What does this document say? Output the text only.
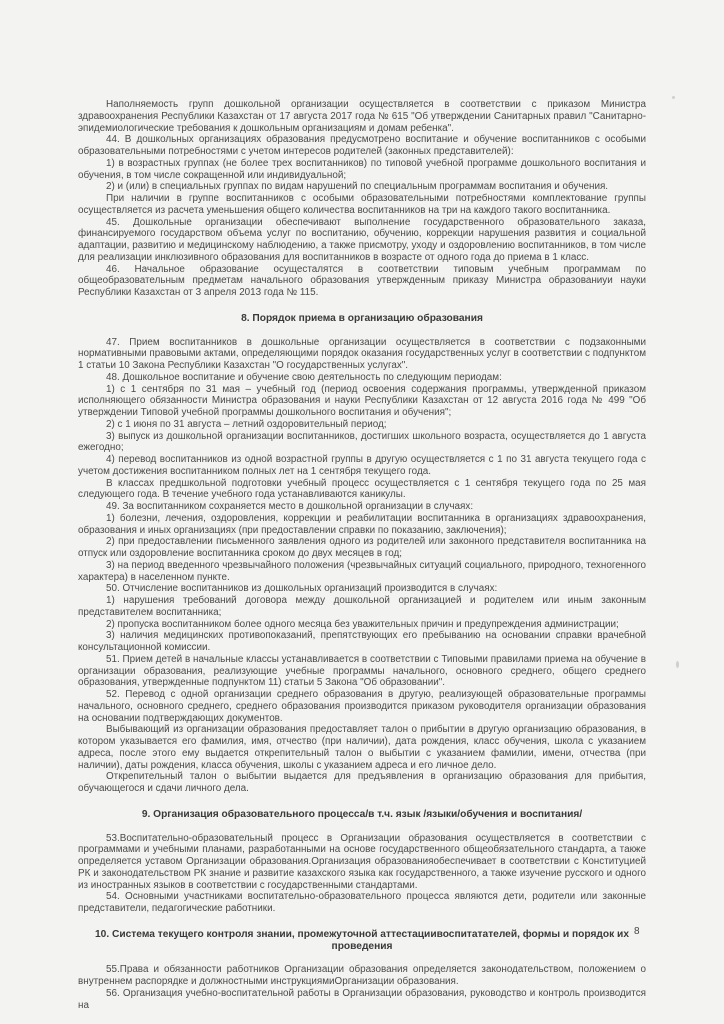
Наполняемость групп дошкольной организации осуществляется в соответствии с приказом Министра здравоохранения Республики Казахстан от 17 августа 2017 года № 615 "Об утверждении Санитарных правил "Санитарно-эпидемиологические требования к дошкольным организациям и домам ребенка".

44. В дошкольных организациях образования предусмотрено воспитание и обучение воспитанников с особыми образовательными потребностями с учетом интересов родителей (законных представителей):

1) в возрастных группах (не более трех воспитанников) по типовой учебной программе дошкольного воспитания и обучения, в том числе сокращенной или индивидуальной;

2) и (или) в специальных группах по видам нарушений по специальным программам воспитания и обучения.

При наличии в группе воспитанников с особыми образовательными потребностями комплектование группы осуществляется из расчета уменьшения общего количества воспитанников на три на каждого такого воспитанника.

45. Дошкольные организации обеспечивают выполнение государственного образовательного заказа, финансируемого государством объема услуг по воспитанию, обучению, коррекции нарушения развития и социальной адаптации, развитию и медицинскому наблюдению, а также присмотру, уходу и оздоровлению воспитанников, в том числе для реализации инклюзивного образования для воспитанников в возрасте от одного года до приема в 1 класс.

46. Начальное образование осущесталятся в соответствии типовым учебным программам по общеобразовательным предметам начального образования утвержденным приказу Министра образованиуи науки Республики Казахстан от 3 апреля 2013 года № 115.

8. Порядок приема в организацию образования

47. Прием воспитанников в дошкольные организации осуществляется в соответствии с подзаконными нормативными правовыми актами, определяющими порядок оказания государственных услуг в соответствии с подпунктом 1 статьи 10 Закона Республики Казахстан "О государственных услугах".

48. Дошкольное воспитание и обучение свою деятельность по следующим периодам:

1) с 1 сентября по 31 мая – учебный год (период освоения содержания программы, утвержденной приказом исполняющего обязанности Министра образования и науки Республики Казахстан от 12 августа 2016 года № 499 "Об утверждении Типовой учебной программы дошкольного воспитания и обучения";

2) с 1 июня по 31 августа – летний оздоровительный период;

3) выпуск из дошкольной организации воспитанников, достигших школьного возраста, осуществляется до 1 августа ежегодно;

4) перевод воспитанников из одной возрастной группы в другую осуществляется с 1 по 31 августа текущего года с учетом достижения воспитанником полных лет на 1 сентября текущего года.

В классах предшкольной подготовки учебный процесс осуществляется с 1 сентября текущего года по 25 мая следующего года. В течение учебного года устанавливаются каникулы.

49. За воспитанником сохраняется место в дошкольной организации в случаях:

1) болезни, лечения, оздоровления, коррекции и реабилитации воспитанника в организациях здравоохранения, образования и иных организациях (при предоставлении справки по показанию, заключения);

2) при предоставлении письменного заявления одного из родителей или законного представителя воспитанника на отпуск или оздоровление воспитанника сроком до двух месяцев в год;

3) на период введенного чрезвычайного положения (чрезвычайных ситуаций социального, природного, техногенного характера) в населенном пункте.

50. Отчисление воспитанников из дошкольных организаций производится в случаях:

1) нарушения требований договора между дошкольной организацией и родителем или иным законным представителем воспитанника;

2) пропуска воспитанником более одного месяца без уважительных причин и предупреждения администрации;

3) наличия медицинских противопоказаний, препятствующих его пребыванию на основании справки врачебной консультационной комиссии.

51. Прием детей в начальные классы устанавливается в соответствии с Типовыми правилами приема на обучение в организации образования, реализующие учебные программы начального, основного среднего, общего среднего образования, утвержденные подпунктом 11) статьи 5 Закона "Об образовании".

52. Перевод с одной организации среднего образования в другую, реализующей образовательные программы начального, основного среднего, среднего образования производится приказом руководителя организации образования на основании подтверждающих документов.

Выбывающий из организации образования предоставляет талон о прибытии в другую организацию образования, в котором указывается его фамилия, имя, отчество (при наличии), дата рождения, класс обучения, школа с указанием адреса, после этого ему выдается открепительный талон о выбытии с указанием фамилии, имени, отчества (при наличии), даты рождения, класса обучения, школы с указанием адреса и его личное дело.

Открепительный талон о выбытии выдается для предъявления в организацию образования для прибытия, обучающегося и сдачи личного дела.

9. Организация образовательного процесса/в т.ч. язык /языки/обучения и воспитания/

53.Воспитательно-образовательный процесс в Организации образования осуществляется в соответствии с программами и учебными планами, разработанными на основе государственного общеобязательного стандарта, а также определяется уставом Организации образования.Организация образованияобеспечивает в соответствии с Конституцией РК и законодательством РК знание и развитие казахского языка как государственного, а также изучение русского и одного из иностранных языков в соответствии с государственными стандартами.

54. Основными участниками воспитательно-образовательного процесса являются дети, родители или законные представители, педагогические работники.

10. Система текущего контроля знании, промежуточной аттестациивоспитатателей, формы и порядок их проведения

55.Права и обязанности работников Организации образования определяется законодательством, положением о внутреннем распорядке и должностными инструкциямиОрганизации образования.

56. Организация учебно-воспитательной работы в Организации образования, руководство и контроль производится на

8
